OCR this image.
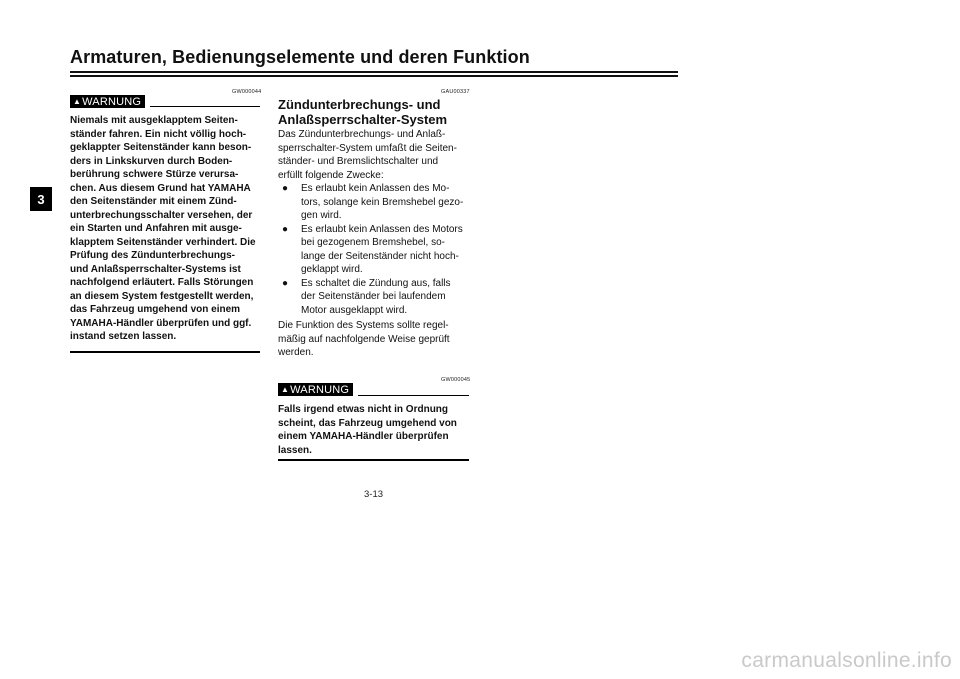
Armaturen, Bedienungselemente und deren Funktion
3
GW000044
▲ WARNUNG
Niemals mit ausgeklapptem Seiten-
ständer fahren. Ein nicht völlig hoch-
geklappter Seitenständer kann beson-
ders in Linkskurven durch Boden-
berührung schwere Stürze verursa-
chen. Aus diesem Grund hat YAMAHA
den Seitenständer mit einem Zünd-
unterbrechungsschalter versehen, der
ein Starten und Anfahren mit ausge-
klapptem Seitenständer verhindert. Die
Prüfung des Zündunterbrechungs-
und Anlaßsperrschalter-Systems ist
nachfolgend erläutert. Falls Störungen
an diesem System festgestellt werden,
das Fahrzeug umgehend von einem
YAMAHA-Händler überprüfen und ggf.
instand setzen lassen.
GAU00337
Zündunterbrechungs- und
Anlaßsperrschalter-System
Das Zündunterbrechungs- und Anlaß-
sperrschalter-System umfaßt die Seiten-
ständer- und Bremslichtschalter und
erfüllt folgende Zwecke:
● Es erlaubt kein Anlassen des Mo-
tors, solange kein Bremshebel gezo-
gen wird.
● Es erlaubt kein Anlassen des Motors
bei gezogenem Bremshebel, so-
lange der Seitenständer nicht hoch-
geklappt wird.
● Es schaltet die Zündung aus, falls
der Seitenständer bei laufendem
Motor ausgeklappt wird.
Die Funktion des Systems sollte regel-
mäßig auf nachfolgende Weise geprüft
werden.
GW000045
▲ WARNUNG
Falls irgend etwas nicht in Ordnung
scheint, das Fahrzeug umgehend von
einem YAMAHA-Händler überprüfen
lassen.
3-13
carmanualsonline.info
